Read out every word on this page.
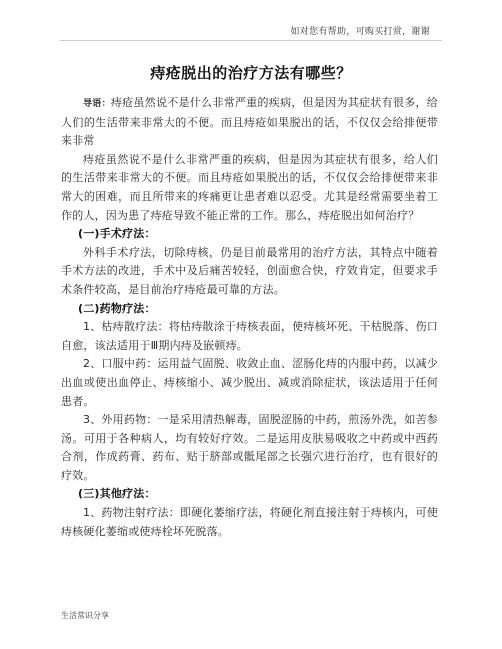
如对您有帮助，可购买打赏，谢谢
痔疮脱出的治疗方法有哪些？

导语：痔疮虽然说不是什么非常严重的疾病，但是因为其症状有很多，给人们的生活带来非常大的不便。而且痔疮如果脱出的话，不仅仅会给排便带来非常

痔疮虽然说不是什么非常严重的疾病，但是因为其症状有很多，给人们的生活带来非常大的不便。而且痔疮如果脱出的话，不仅仅会给排便带来非常大的困难，而且所带来的疼痛更让患者难以忍受。尤其是经常需要坐着工作的人，因为患了痔疮导致不能正常的工作。那么，痔疮脱出如何治疗？

(一)手术疗法：

外科手术疗法，切除痔核，仍是目前最常用的治疗方法，其特点中随着手术方法的改进，手术中及后痛苦较轻，创面愈合快，疗效肯定，但要求手术条件较高，是目前治疗痔疮最可靠的方法。

(二)药物疗法：

1、枯痔散疗法：将枯痔散涂于痔核表面，使痔核坏死、干枯脱落、伤口自愈，该法适用于Ⅲ期内痔及嵌顿痔。

2、口服中药：运用益气固脱、收敛止血、涩肠化痔的内服中药，以减少出血或使出血停止、痔核缩小、减少脱出、减或消除症状，该法适用于任何患者。

3、外用药物：一是采用清热解毒，固脱涩肠的中药，煎汤外洗，如苦参汤。可用于各种病人，均有较好疗效。二是运用皮肤易吸收之中药或中西药合剂，作成药膏、药布、贴于脐部或骶尾部之长强穴进行治疗，也有很好的疗效。

(三)其他疗法：

1、药物注射疗法：即硬化萎缩疗法，将硬化剂直接注射于痔核内，可使痔核硬化萎缩或使痔栓坏死脱落。

生活常识分享
